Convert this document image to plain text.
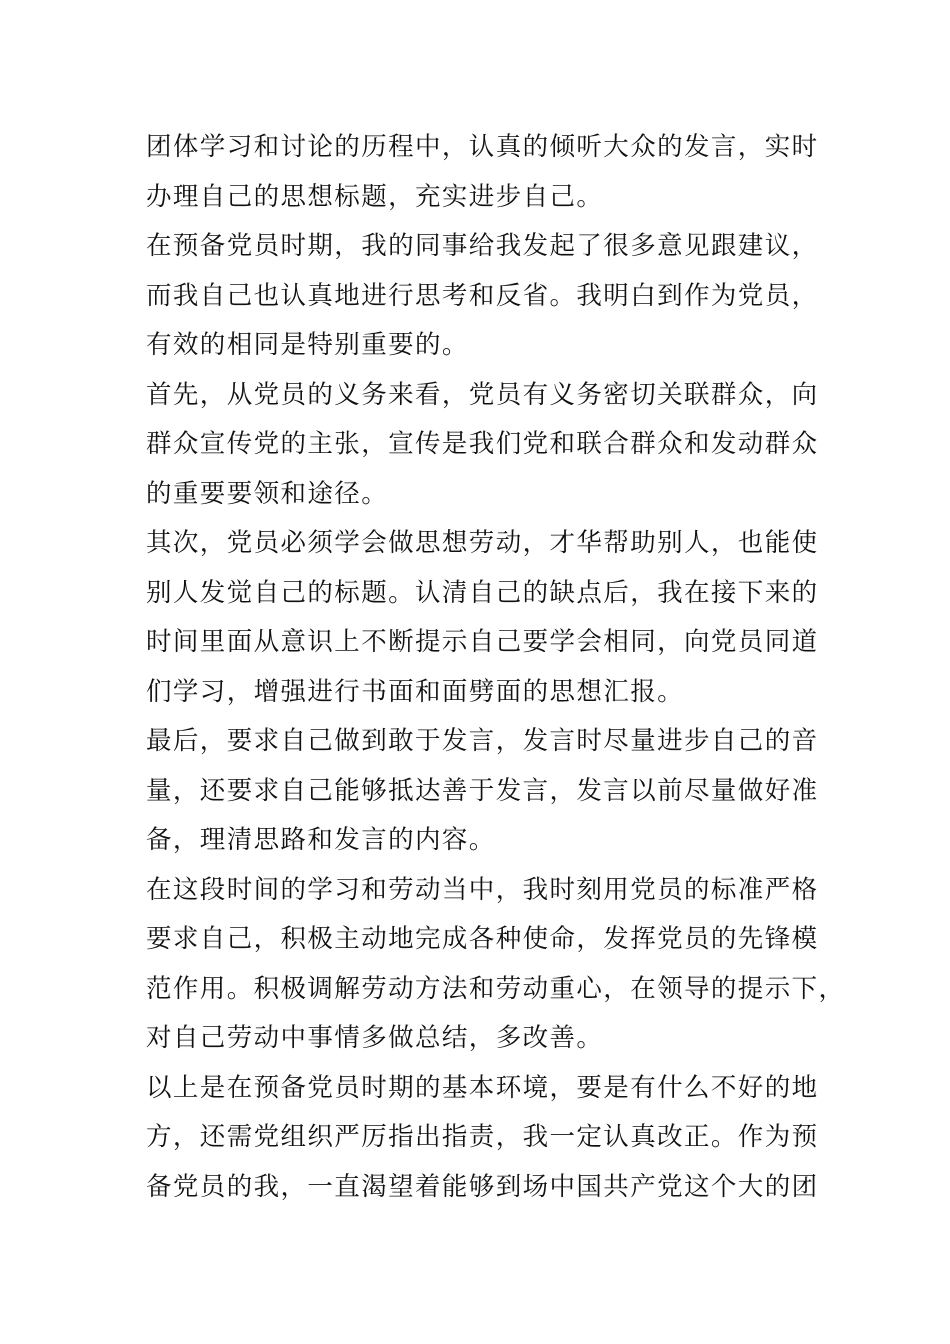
团体学习和讨论的历程中，认真的倾听大众的发言，实时
办理自己的思想标题，充实进步自己。
在预备党员时期，我的同事给我发起了很多意见跟建议，
而我自己也认真地进行思考和反省。我明白到作为党员，
有效的相同是特别重要的。
首先，从党员的义务来看，党员有义务密切关联群众，向
群众宣传党的主张，宣传是我们党和联合群众和发动群众
的重要要领和途径。
其次，党员必须学会做思想劳动，才华帮助别人，也能使
别人发觉自己的标题。认清自己的缺点后，我在接下来的
时间里面从意识上不断提示自己要学会相同，向党员同道
们学习，增强进行书面和面劈面的思想汇报。
最后，要求自己做到敢于发言，发言时尽量进步自己的音
量，还要求自己能够抵达善于发言，发言以前尽量做好准
备，理清思路和发言的内容。
在这段时间的学习和劳动当中，我时刻用党员的标准严格
要求自己，积极主动地完成各种使命，发挥党员的先锋模
范作用。积极调解劳动方法和劳动重心，在领导的提示下，
对自己劳动中事情多做总结，多改善。
以上是在预备党员时期的基本环境，要是有什么不好的地
方，还需党组织严厉指出指责，我一定认真改正。作为预
备党员的我，一直渴望着能够到场中国共产党这个大的团
